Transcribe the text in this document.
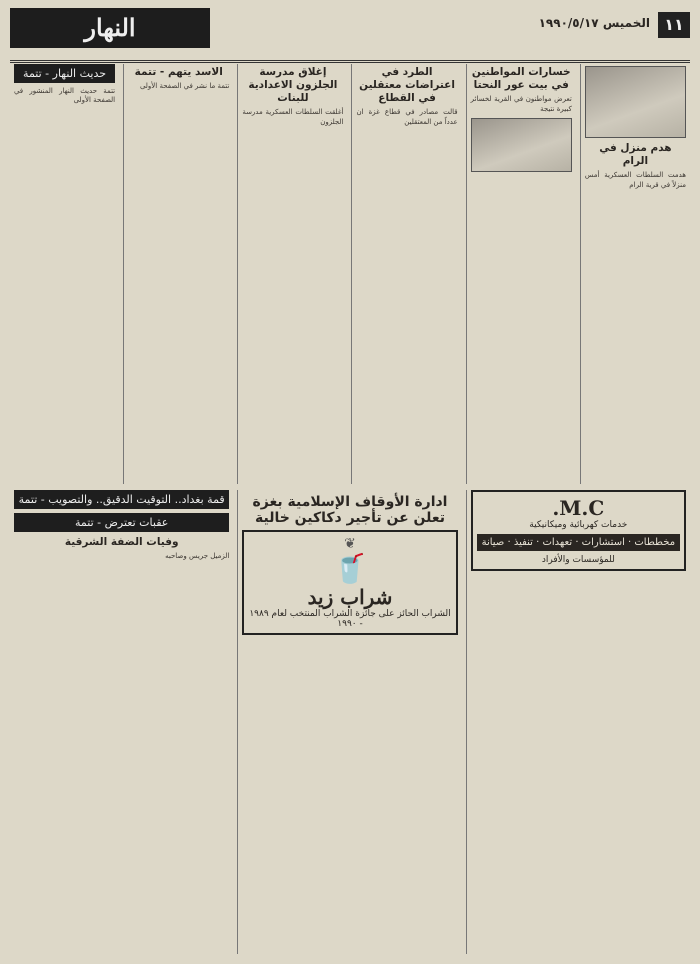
١١
الخميس ١٩٩٠/٥/١٧
النهار
هدم منزل في الرام

هدمت السلطات العسكرية أمس منزلاً في قرية الرام

خسارات المواطنين في بيت عور النحتا

تعرض مواطنون في القرية لخسائر كبيرة نتيجة

الطرد في اعتراضات معتقلين في القطاع

قالت مصادر في قطاع غزة ان عدداً من المعتقلين

إغلاق مدرسة الجلزون الاعدادية للبنات

أغلقت السلطات العسكرية مدرسة الجلزون

الاسد يتهم - تتمة

تتمة ما نشر في الصفحة الأولى

حديث النهار - تتمة

تتمة حديث النهار المنشور في الصفحة الأولى

M.C.
خدمات كهربائية وميكانيكية
مخططات · استشارات · تعهدات · تنفيذ · صيانة
للمؤسسات والأفراد
ادارة الأوقاف الإسلامية بغزة تعلن عن تأجير دكاكين خالية
❦
🥤
شراب زيد
الشراب الحائز على جائزة الشراب المنتخب لعام ١٩٨٩ - ١٩٩٠
قمة بغداد.. التوقيت الدقيق.. والتصويب - تتمة
عقبات تعترض - تتمة
وفيات الضفة الشرقية

الزميل جريس وصاحبه
